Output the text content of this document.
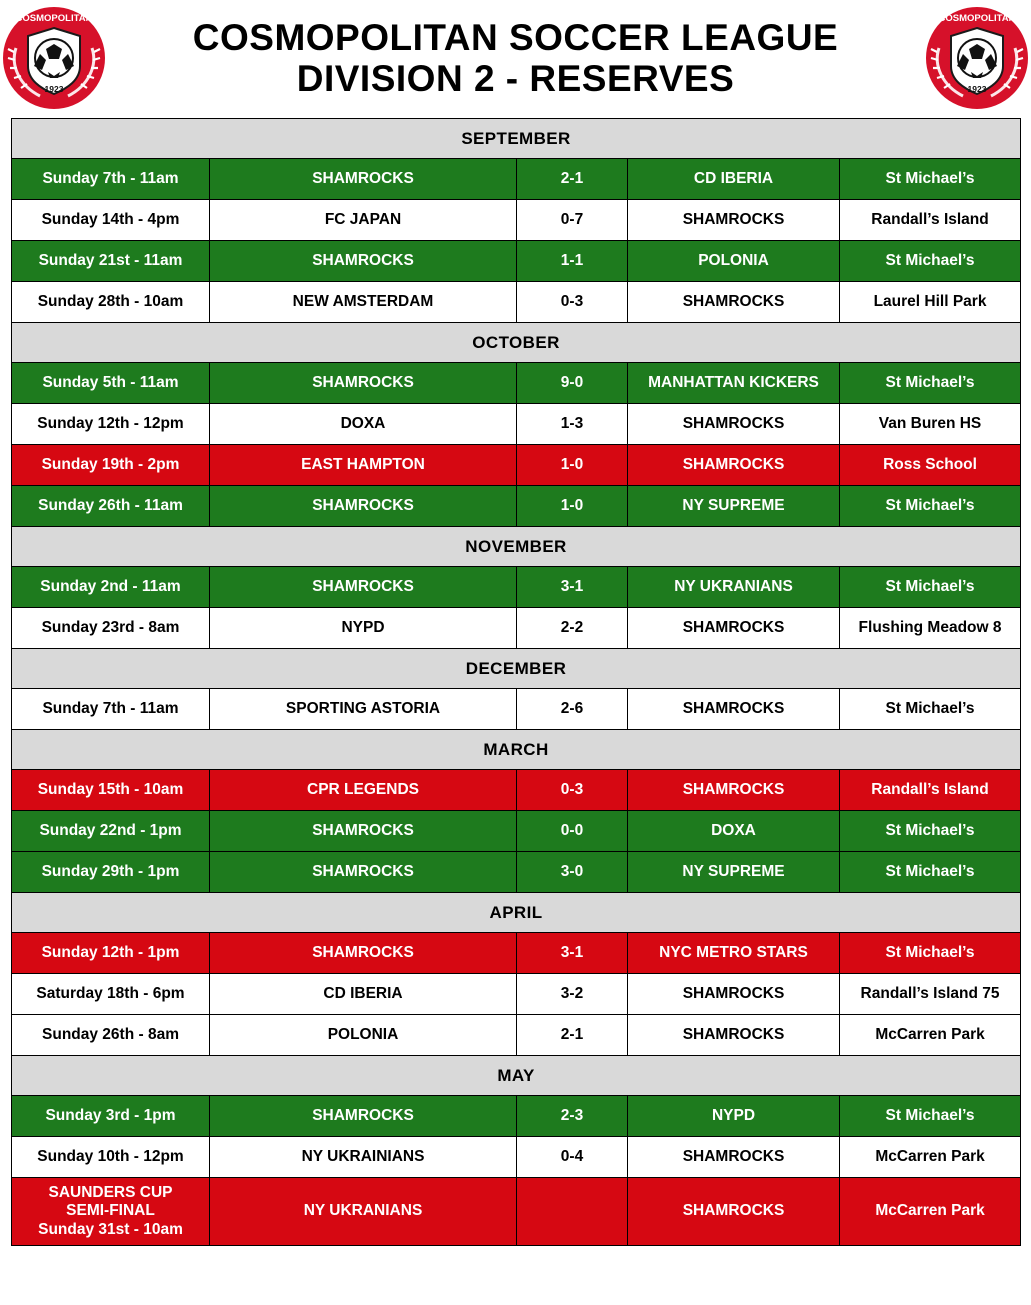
COSMOPOLITAN
1923
COSMOPOLITAN SOCCER LEAGUE
DIVISION 2 - RESERVES
COSMOPOLITAN
1923
SEPTEMBER				
Sunday 7th - 11am	SHAMROCKS	2-1	CD IBERIA	St Michael’s
Sunday 14th - 4pm	FC JAPAN	0-7	SHAMROCKS	Randall’s Island
Sunday 21st - 11am	SHAMROCKS	1-1	POLONIA	St Michael’s
Sunday 28th - 10am	NEW AMSTERDAM	0-3	SHAMROCKS	Laurel Hill Park
OCTOBER				
Sunday 5th - 11am	SHAMROCKS	9-0	MANHATTAN KICKERS	St Michael’s
Sunday 12th - 12pm	DOXA	1-3	SHAMROCKS	Van Buren HS
Sunday 19th - 2pm	EAST HAMPTON	1-0	SHAMROCKS	Ross School
Sunday 26th - 11am	SHAMROCKS	1-0	NY SUPREME	St Michael’s
NOVEMBER				
Sunday 2nd - 11am	SHAMROCKS	3-1	NY UKRANIANS	St Michael’s
Sunday 23rd - 8am	NYPD	2-2	SHAMROCKS	Flushing Meadow 8
DECEMBER				
Sunday 7th - 11am	SPORTING ASTORIA	2-6	SHAMROCKS	St Michael’s
MARCH				
Sunday 15th - 10am	CPR LEGENDS	0-3	SHAMROCKS	Randall’s Island
Sunday 22nd - 1pm	SHAMROCKS	0-0	DOXA	St Michael’s
Sunday 29th - 1pm	SHAMROCKS	3-0	NY SUPREME	St Michael’s
APRIL				
Sunday 12th - 1pm	SHAMROCKS	3-1	NYC METRO STARS	St Michael’s
Saturday 18th - 6pm	CD IBERIA	3-2	SHAMROCKS	Randall’s Island 75
Sunday 26th - 8am	POLONIA	2-1	SHAMROCKS	McCarren Park
MAY				
Sunday 3rd - 1pm	SHAMROCKS	2-3	NYPD	St Michael’s
Sunday 10th - 12pm	NY UKRAINIANS	0-4	SHAMROCKS	McCarren Park
SAUNDERS CUP
SEMI-FINAL
Sunday 31st - 10am	NY UKRANIANS		SHAMROCKS	McCarren Park
